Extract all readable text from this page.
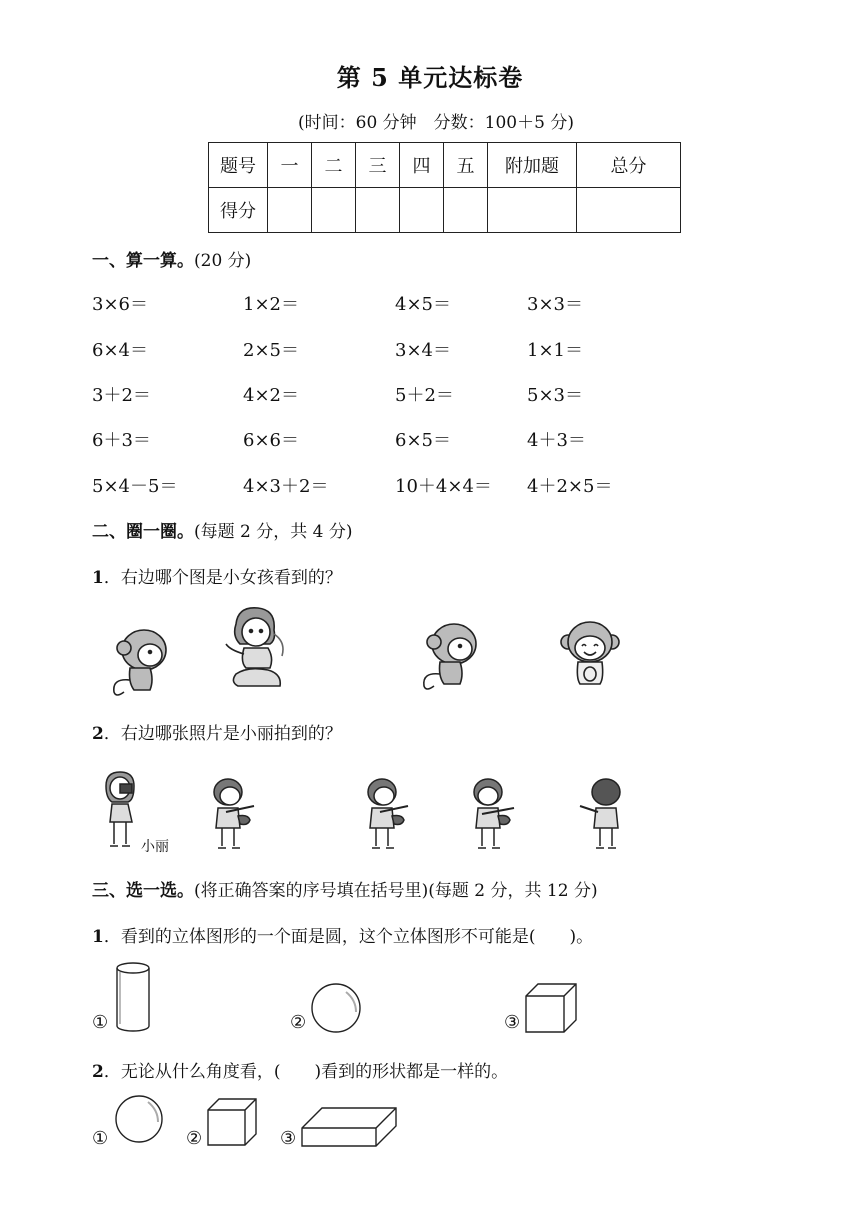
第 5 单元达标卷
(时间：60 分钟　分数：100＋5 分)
题号	一	二	三	四	五	附加题	总分
得分							
一、算一算。(20 分)
3×6＝	1×2＝	4×5＝	3×3＝
6×4＝	2×5＝	3×4＝	1×1＝
3＋2＝	4×2＝	5＋2＝	5×3＝
6＋3＝	6×6＝	6×5＝	4＋3＝
5×4－5＝	4×3＋2＝	10＋4×4＝ 4＋2×5＝
二、圈一圈。(每题 2 分，共 4 分)
1．右边哪个图是小女孩看到的？
2．右边哪张照片是小丽拍到的？
小丽
三、选一选。(将正确答案的序号填在括号里)(每题 2 分，共 12 分)
1．看到的立体图形的一个面是圆，这个立体图形不可能是(　　)。
①	②	③
2．无论从什么角度看，(　　)看到的形状都是一样的。
①	②	③
